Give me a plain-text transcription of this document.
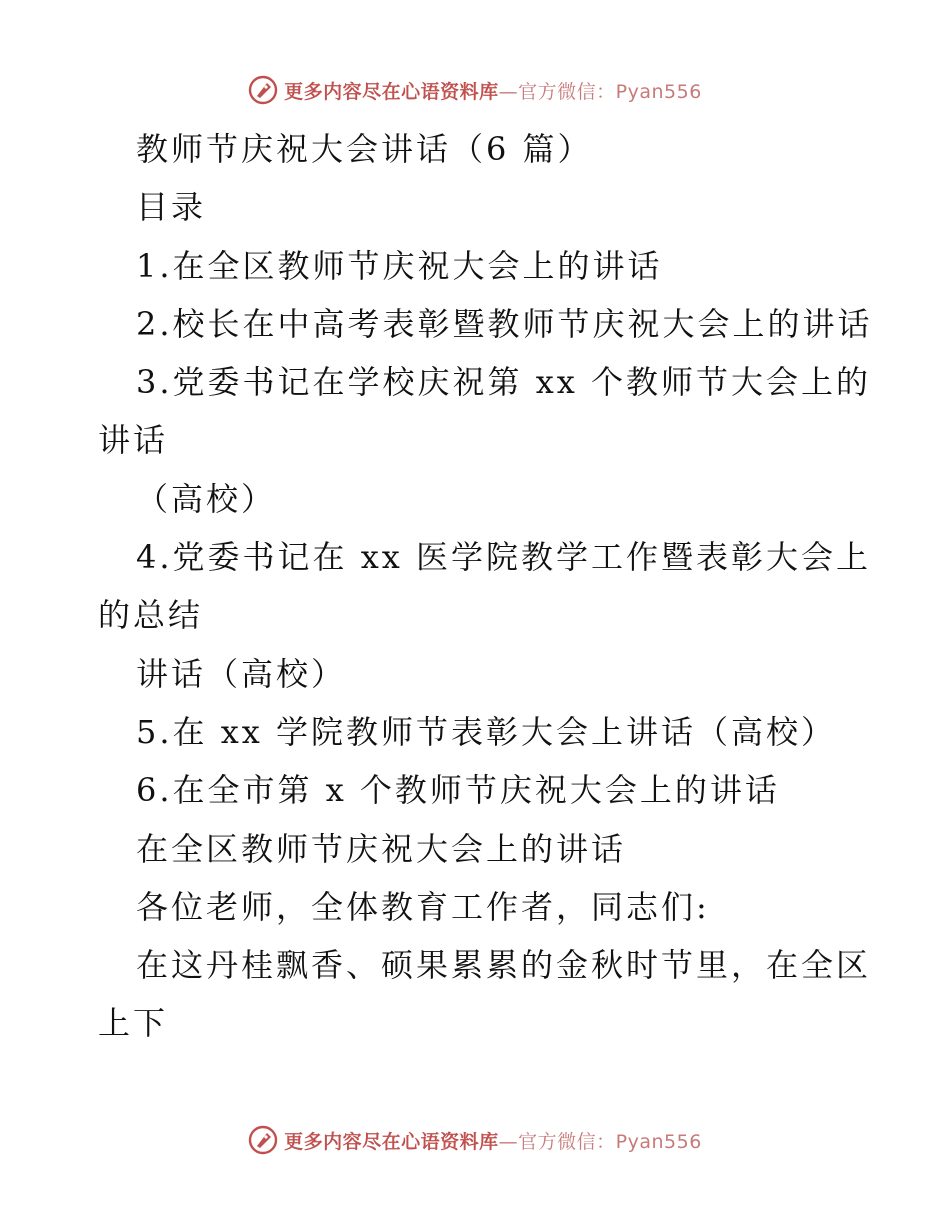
更多内容尽在心语资料库—官方微信：Pyan556
教师节庆祝大会讲话（6 篇）
目录
1.在全区教师节庆祝大会上的讲话
2.校长在中高考表彰暨教师节庆祝大会上的讲话
3.党委书记在学校庆祝第 xx 个教师节大会上的
讲话
（高校）
4.党委书记在 xx 医学院教学工作暨表彰大会上
的总结
讲话（高校）
5.在 xx 学院教师节表彰大会上讲话（高校）
6.在全市第 x 个教师节庆祝大会上的讲话
在全区教师节庆祝大会上的讲话
各位老师，全体教育工作者，同志们:
在这丹桂飘香、硕果累累的金秋时节里，在全区
上下
更多内容尽在心语资料库—官方微信：Pyan556
